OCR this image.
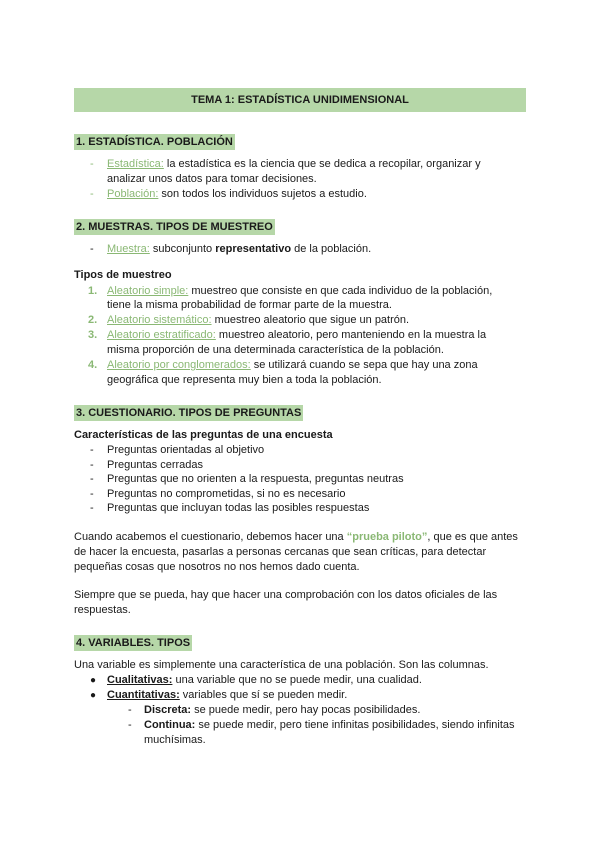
TEMA 1: ESTADÍSTICA UNIDIMENSIONAL
1. ESTADÍSTICA. POBLACIÓN
- Estadística: la estadística es la ciencia que se dedica a recopilar, organizar y
analizar unos datos para tomar decisiones.
- Población: son todos los individuos sujetos a estudio.
2. MUESTRAS. TIPOS DE MUESTREO
- Muestra: subconjunto representativo de la población.
Tipos de muestreo
1. Aleatorio simple: muestreo que consiste en que cada individuo de la población,
tiene la misma probabilidad de formar parte de la muestra.
2. Aleatorio sistemático: muestreo aleatorio que sigue un patrón.
3. Aleatorio estratificado: muestreo aleatorio, pero manteniendo en la muestra la
misma proporción de una determinada característica de la población.
4. Aleatorio por conglomerados: se utilizará cuando se sepa que hay una zona
geográfica que representa muy bien a toda la población.
3. CUESTIONARIO. TIPOS DE PREGUNTAS
Características de las preguntas de una encuesta
- Preguntas orientadas al objetivo
- Preguntas cerradas
- Preguntas que no orienten a la respuesta, preguntas neutras
- Preguntas no comprometidas, si no es necesario
- Preguntas que incluyan todas las posibles respuestas
Cuando acabemos el cuestionario, debemos hacer una “prueba piloto”, que es que antes
de hacer la encuesta, pasarlas a personas cercanas que sean críticas, para detectar
pequeñas cosas que nosotros no nos hemos dado cuenta.
Siempre que se pueda, hay que hacer una comprobación con los datos oficiales de las
respuestas.
4. VARIABLES. TIPOS
Una variable es simplemente una característica de una población. Son las columnas.
● Cualitativas: una variable que no se puede medir, una cualidad.
● Cuantitativas: variables que sí se pueden medir.
- Discreta: se puede medir, pero hay pocas posibilidades.
- Continua: se puede medir, pero tiene infinitas posibilidades, siendo infinitas
muchísimas.
